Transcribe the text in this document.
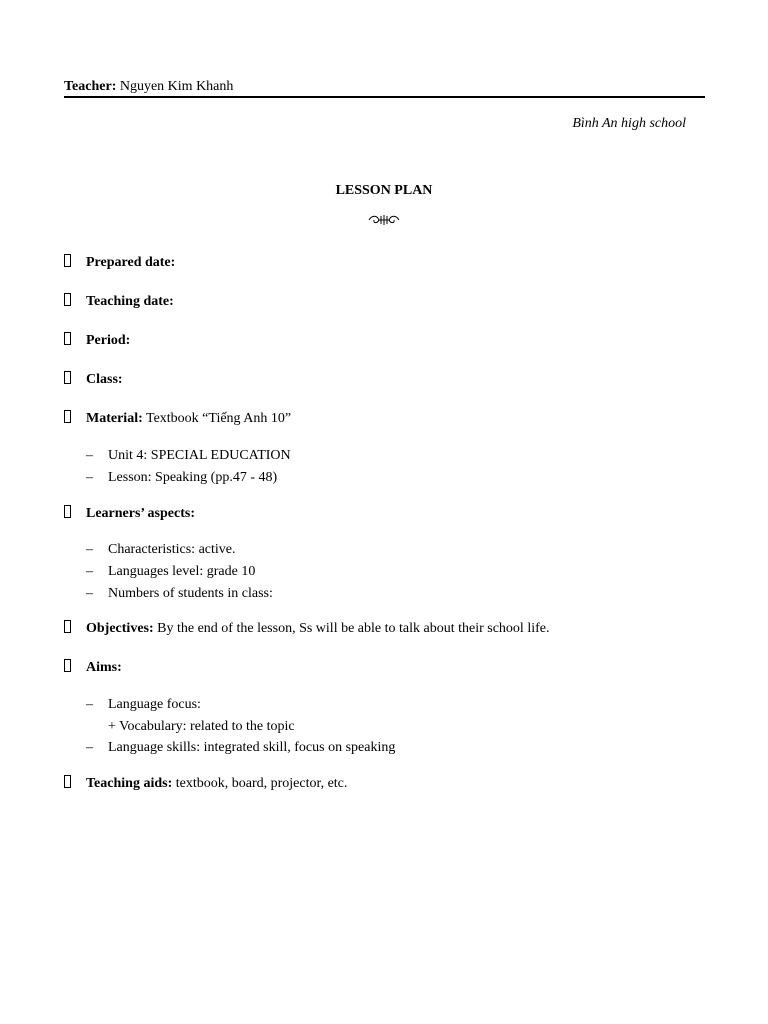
Teacher: Nguyen Kim Khanh
Bình An high school
LESSON PLAN
Prepared date:
Teaching date:
Period:
Class:
Material: Textbook “Tiếng Anh 10”
– Unit 4: SPECIAL EDUCATION
– Lesson: Speaking (pp.47 - 48)
Learners’ aspects:
– Characteristics: active.
– Languages level: grade 10
– Numbers of students in class:
Objectives: By the end of the lesson, Ss will be able to talk about their school life.
Aims:
– Language focus:
+ Vocabulary: related to the topic
– Language skills: integrated skill, focus on speaking
Teaching aids: textbook, board, projector, etc.
